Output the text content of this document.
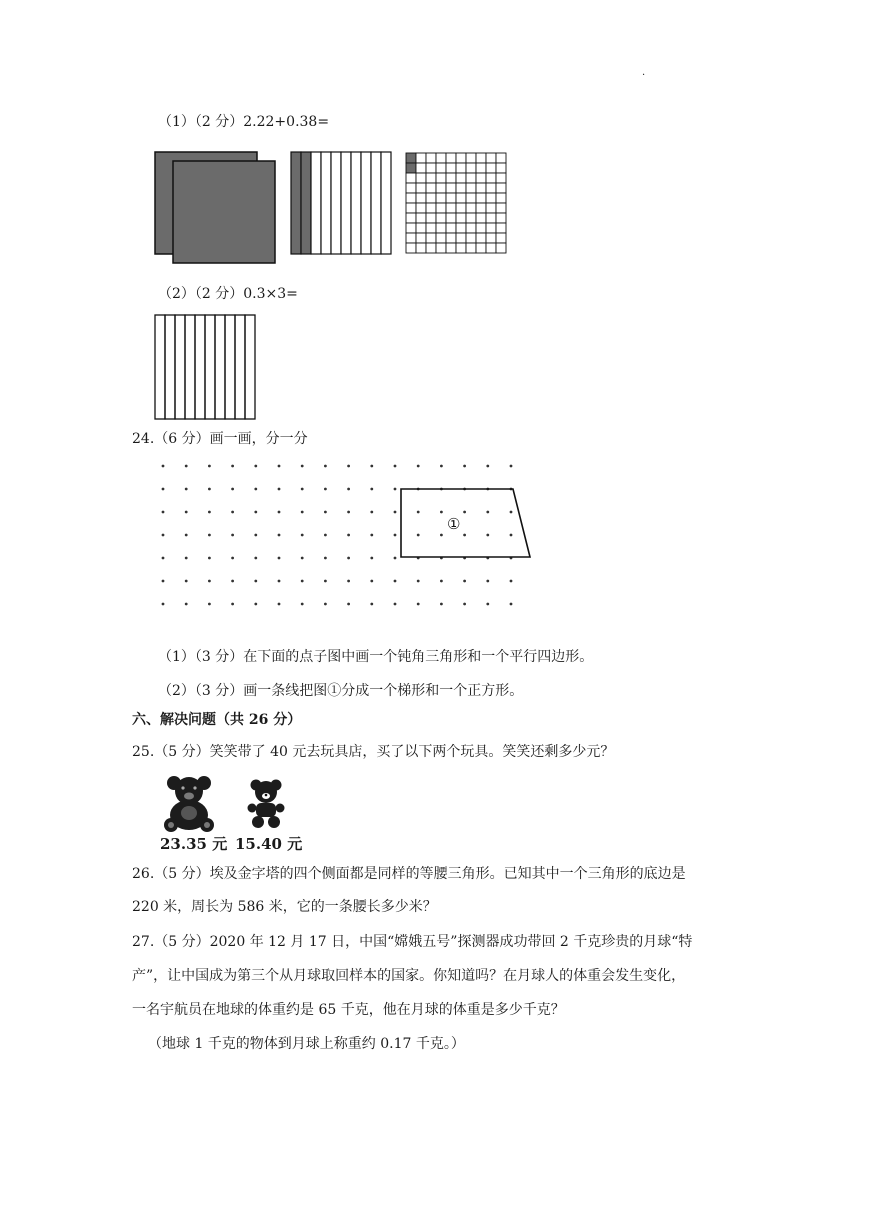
.
（1）（2 分）2.22+0.38=
（2）（2 分）0.3×3=
24.（6 分）画一画，分一分
①
（1）（3 分）在下面的点子图中画一个钝角三角形和一个平行四边形。
（2）（3 分）画一条线把图①分成一个梯形和一个正方形。
六、解决问题（共 26 分）
25.（5 分）笑笑带了 40 元去玩具店，买了以下两个玩具。笑笑还剩多少元？
23.35 元 15.40 元
26.（5 分）埃及金字塔的四个侧面都是同样的等腰三角形。已知其中一个三角形的底边是
220 米，周长为 586 米，它的一条腰长多少米？
27.（5 分）2020 年 12 月 17 日，中国“嫦娥五号”探测器成功带回 2 千克珍贵的月球“特
产”，让中国成为第三个从月球取回样本的国家。你知道吗？在月球人的体重会发生变化，
一名宇航员在地球的体重约是 65 千克，他在月球的体重是多少千克？
（地球 1 千克的物体到月球上称重约 0.17 千克。）
